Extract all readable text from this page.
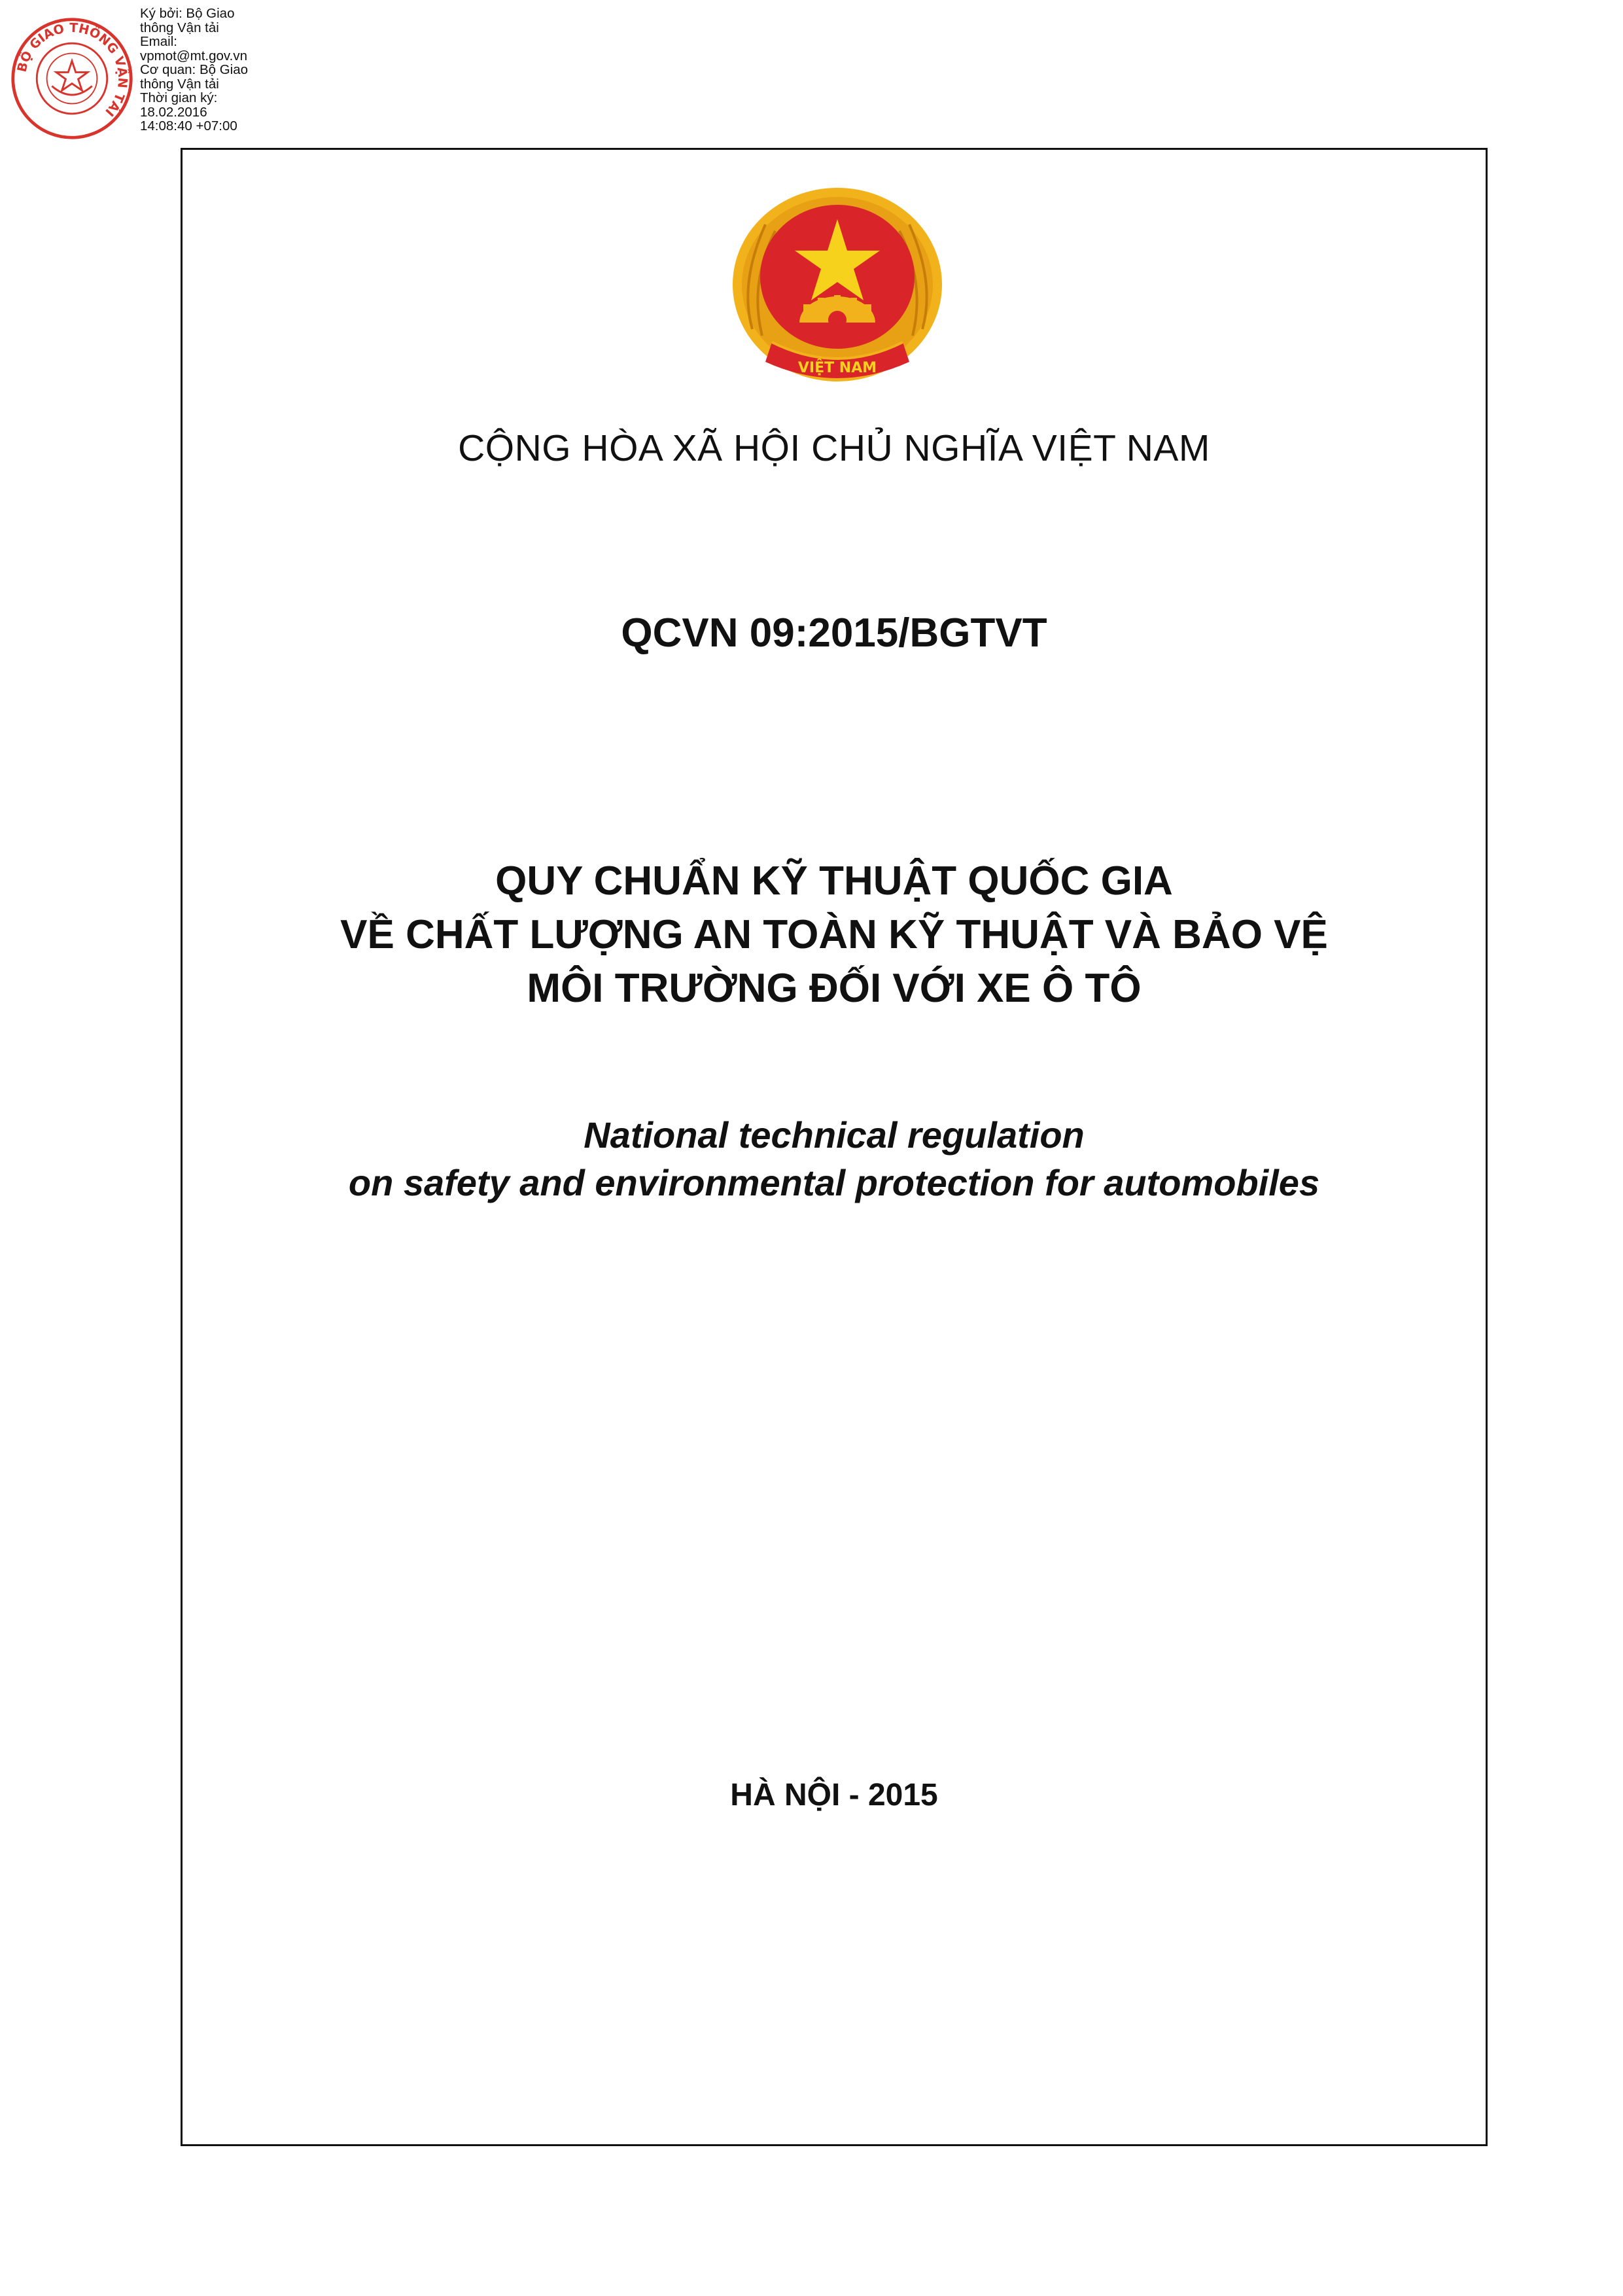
BỘ GIAO THÔNG VẬN TẢI
Ký bởi: Bộ Giao
thông Vận tải
Email:
vpmot@mt.gov.vn
Cơ quan: Bộ Giao
thông Vận tải
Thời gian ký:
18.02.2016
14:08:40 +07:00
VIỆT NAM
CỘNG HÒA XÃ HỘI CHỦ NGHĨA VIỆT NAM
QCVN 09:2015/BGTVT
QUY CHUẨN KỸ THUẬT QUỐC GIA
VỀ CHẤT LƯỢNG AN TOÀN KỸ THUẬT VÀ BẢO VỆ
MÔI TRƯỜNG ĐỐI VỚI XE Ô TÔ
National technical regulation
on safety and environmental protection for automobiles
HÀ NỘI - 2015
